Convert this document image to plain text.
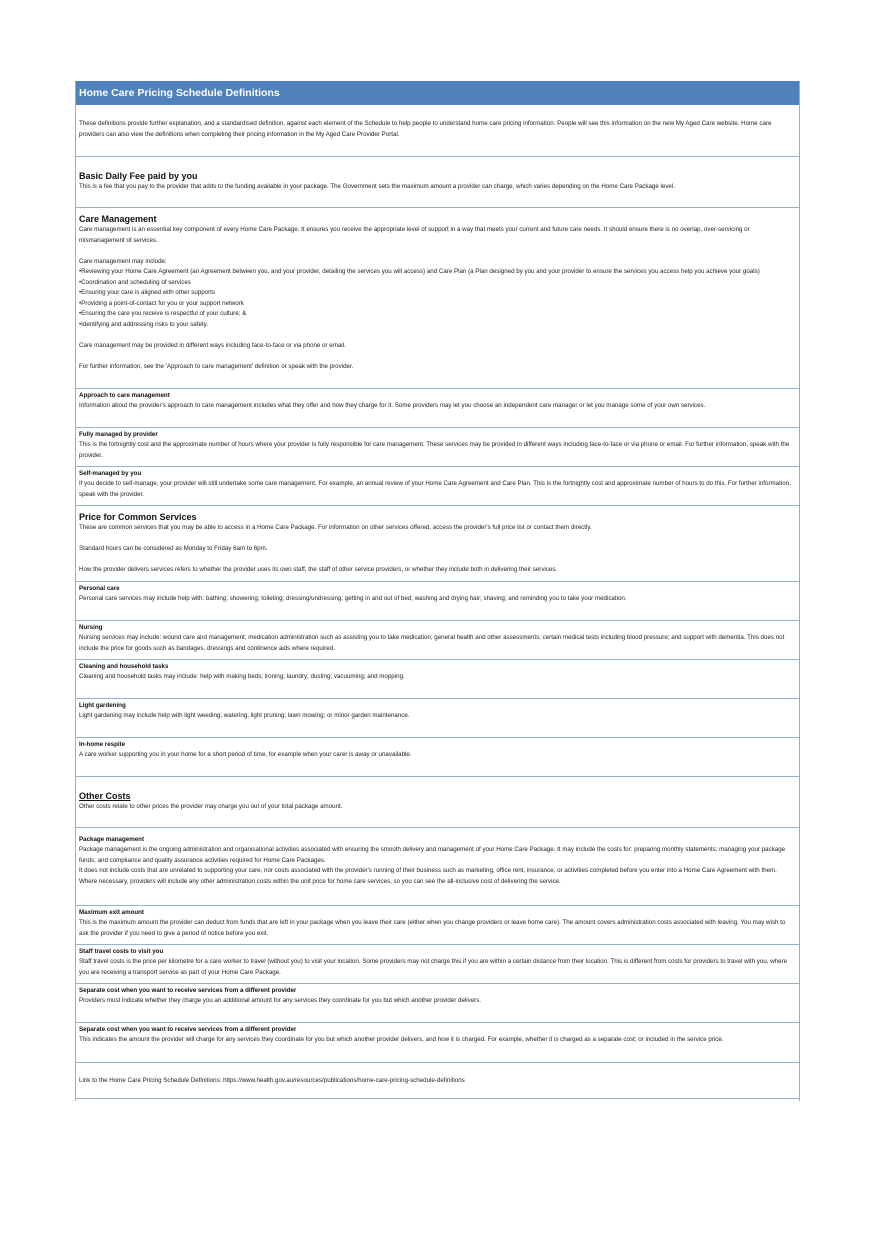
Home Care Pricing Schedule Definitions
These definitions provide further explanation, and a standardised definition, against each element of the Schedule to help people to understand home care pricing information. People will see this information on the new My Aged Care website. Home care providers can also view the definitions when completing their pricing information in the My Aged Care Provider Portal.
Basic Daily Fee paid by you
This is a fee that you pay to the provider that adds to the funding available in your package. The Government sets the maximum amount a provider can charge, which varies depending on the Home Care Package level.
Care Management
Care management is an essential key component of every Home Care Package. It ensures you receive the appropriate level of support in a way that meets your current and future care needs. It should ensure there is no overlap, over-servicing or mismanagement of services.
Care management may include:
• Reviewing your Home Care Agreement (an Agreement between you, and your provider, detailing the services you will access) and Care Plan (a Plan designed by you and your provider to ensure the services you access help you achieve your goals)
• Coordination and scheduling of services
• Ensuring your care is aligned with other supports
• Providing a point-of-contact for you or your support network
• Ensuring the care you receive is respectful of your culture; &
• Identifying and addressing risks to your safety.
Care management may be provided in different ways including face-to-face or via phone or email.
For further information, see the 'Approach to care management' definition or speak with the provider.
Approach to care management
Information about the provider's approach to care management includes what they offer and how they charge for it. Some providers may let you choose an independent care manager or let you manage some of your own services.
Fully managed by provider
This is the fortnightly cost and the approximate number of hours where your provider is fully responsible for care management. These services may be provided in different ways including face-to-face or via phone or email. For further information, speak with the provider.
Self-managed by you
If you decide to self-manage, your provider will still undertake some care management. For example, an annual review of your Home Care Agreement and Care Plan. This is the fortnightly cost and approximate number of hours to do this. For further information, speak with the provider.
Price for Common Services
These are common services that you may be able to access in a Home Care Package. For information on other services offered, access the provider's full price list or contact them directly.
Standard hours can be considered as Monday to Friday 6am to 6pm.
How the provider delivers services refers to whether the provider uses its own staff, the staff of other service providers, or whether they include both in delivering their services.
Personal care
Personal care services may include help with: bathing; showering; toileting; dressing/undressing; getting in and out of bed; washing and drying hair; shaving; and reminding you to take your medication.
Nursing
Nursing services may include: wound care and management; medication administration such as assisting you to take medication; general health and other assessments; certain medical tests including blood pressure; and support with dementia. This does not include the price for goods such as bandages, dressings and continence aids where required.
Cleaning and household tasks
Cleaning and household tasks may include: help with making beds; ironing; laundry; dusting; vacuuming; and mopping.
Light gardening
Light gardening may include help with light weeding; watering; light pruning; lawn mowing; or minor garden maintenance.
In-home respite
A care worker supporting you in your home for a short period of time, for example when your carer is away or unavailable.
Other Costs
Other costs relate to other prices the provider may charge you out of your total package amount.
Package management
Package management is the ongoing administration and organisational activities associated with ensuring the smooth delivery and management of your Home Care Package. It may include the costs for: preparing monthly statements; managing your package funds; and compliance and quality assurance activities required for Home Care Packages.
It does not include costs that are unrelated to supporting your care, nor costs associated with the provider's running of their business such as marketing, office rent, insurance, or activities completed before you enter into a Home Care Agreement with them.
Where necessary, providers will include any other administration costs within the unit price for home care services, so you can see the all-inclusive cost of delivering the service.
Maximum exit amount
This is the maximum amount the provider can deduct from funds that are left in your package when you leave their care (either when you change providers or leave home care). The amount covers administration costs associated with leaving. You may wish to ask the provider if you need to give a period of notice before you exit.
Staff travel costs to visit you
Staff travel costs is the price per kilometre for a care worker to travel (without you) to visit your location. Some providers may not charge this if you are within a certain distance from their location. This is different from costs for providers to travel with you, where you are receiving a transport service as part of your Home Care Package.
Separate cost when you want to receive services from a different provider
Providers must indicate whether they charge you an additional amount for any services they coordinate for you but which another provider delivers.
Separate cost when you want to receive services from a different provider
This indicates the amount the provider will charge for any services they coordinate for you but which another provider delivers, and how it is charged. For example, whether it is charged as a separate cost; or included in the service price.
Link to the Home Care Pricing Schedule Definitions: https://www.health.gov.au/resources/publications/home-care-pricing-schedule-definitions
